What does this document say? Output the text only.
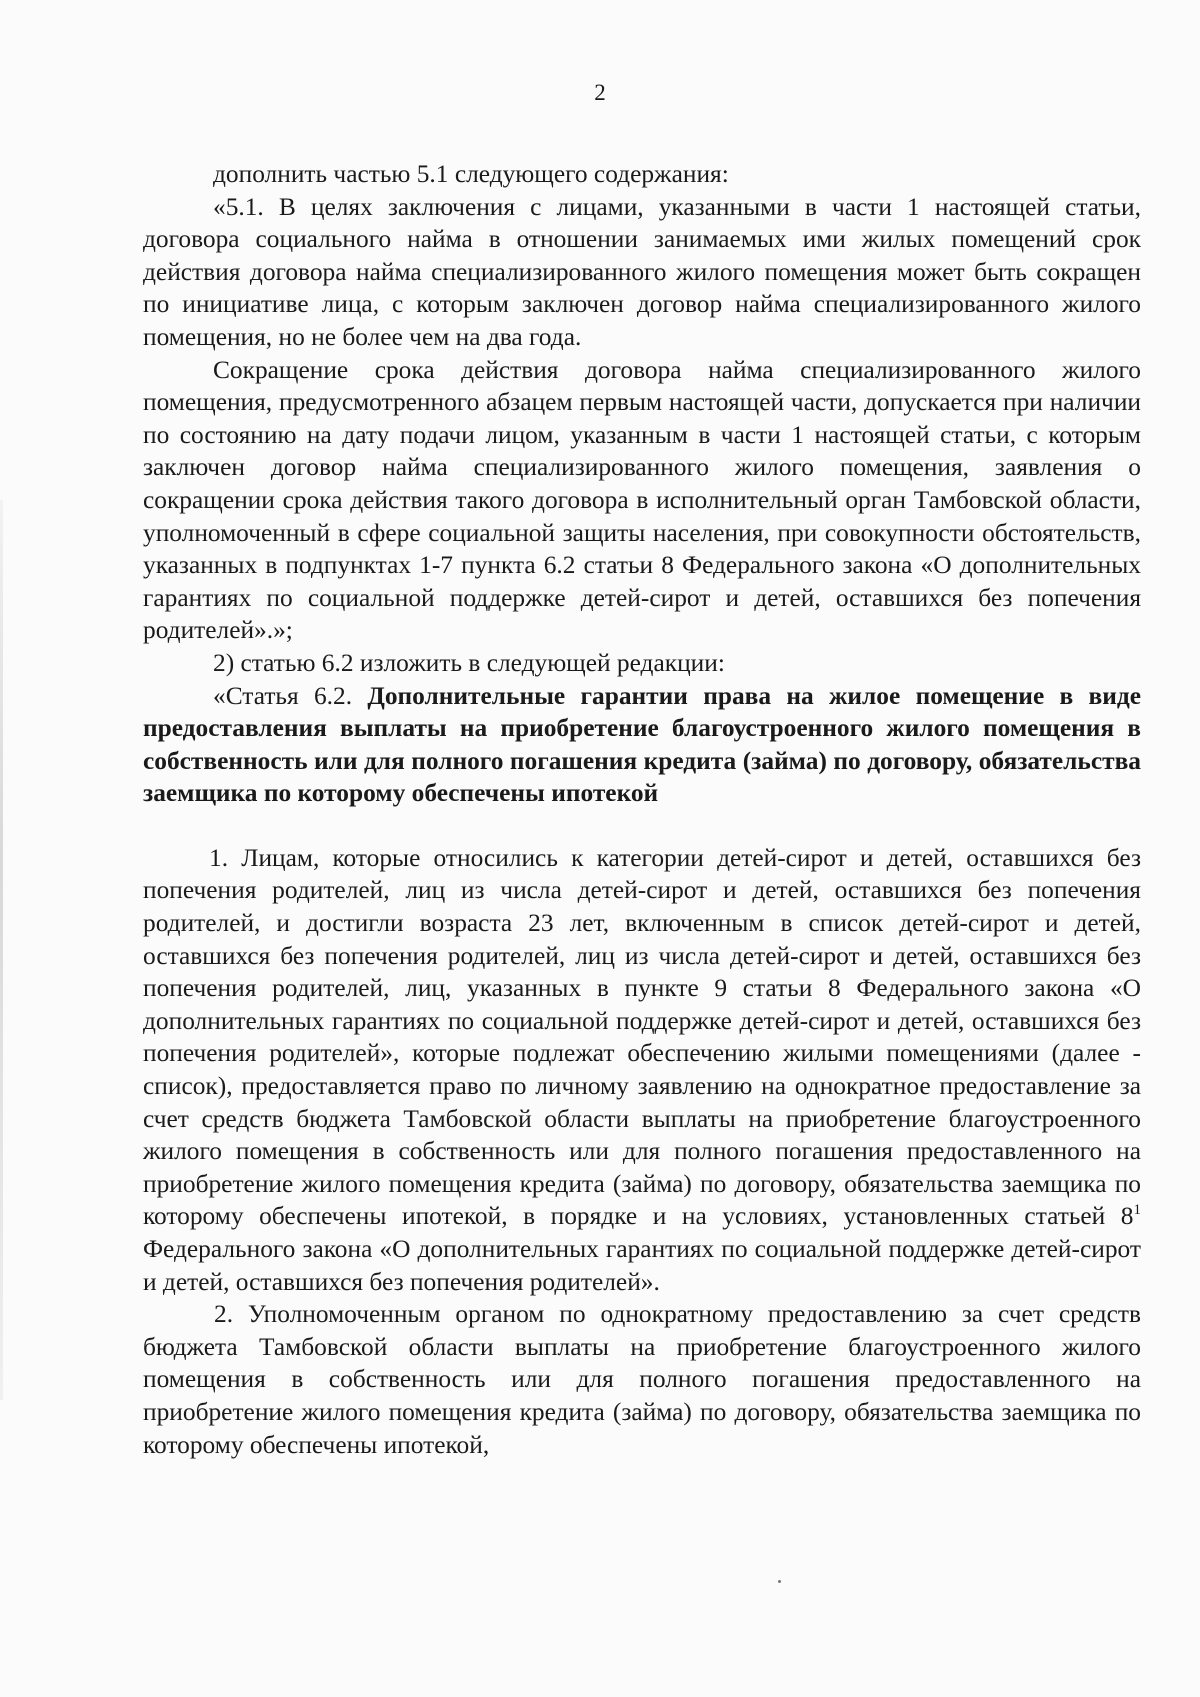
2

дополнить частью 5.1 следующего содержания:

«5.1. В целях заключения с лицами, указанными в части 1 настоящей статьи, договора социального найма в отношении занимаемых ими жилых помещений срок действия договора найма специализированного жилого помещения может быть сокращен по инициативе лица, с которым заключен договор найма специализированного жилого помещения, но не более чем на два года.

Сокращение срока действия договора найма специализированного жилого помещения, предусмотренного абзацем первым настоящей части, допускается при наличии по состоянию на дату подачи лицом, указанным в части 1 настоящей статьи, с которым заключен договор найма специализированного жилого помещения, заявления о сокращении срока действия такого договора в исполнительный орган Тамбовской области, уполномоченный в сфере социальной защиты населения, при совокупности обстоятельств, указанных в подпунктах 1-7 пункта 6.2 статьи 8 Федерального закона «О дополнительных гарантиях по социальной поддержке детей-сирот и детей, оставшихся без попечения родителей».»;

2) статью 6.2 изложить в следующей редакции:

«Статья 6.2. Дополнительные гарантии права на жилое помещение в виде предоставления выплаты на приобретение благоустроенного жилого помещения в собственность или для полного погашения кредита (займа) по договору, обязательства заемщика по которому обеспечены ипотекой

1. Лицам, которые относились к категории детей-сирот и детей, оставшихся без попечения родителей, лиц из числа детей-сирот и детей, оставшихся без попечения родителей, и достигли возраста 23 лет, включенным в список детей-сирот и детей, оставшихся без попечения родителей, лиц из числа детей-сирот и детей, оставшихся без попечения родителей, лиц, указанных в пункте 9 статьи 8 Федерального закона «О дополнительных гарантиях по социальной поддержке детей-сирот и детей, оставшихся без попечения родителей», которые подлежат обеспечению жилыми помещениями (далее - список), предоставляется право по личному заявлению на однократное предоставление за счет средств бюджета Тамбовской области выплаты на приобретение благоустроенного жилого помещения в собственность или для полного погашения предоставленного на приобретение жилого помещения кредита (займа) по договору, обязательства заемщика по которому обеспечены ипотекой, в порядке и на условиях, установленных статьей $8^1$ Федерального закона «О дополнительных гарантиях по социальной поддержке детей-сирот и детей, оставшихся без попечения родителей».

2. Уполномоченным органом по однократному предоставлению за счет средств бюджета Тамбовской области выплаты на приобретение благоустроенного жилого помещения в собственность или для полного погашения предоставленного на приобретение жилого помещения кредита (займа) по договору, обязательства заемщика по которому обеспечены ипотекой,
